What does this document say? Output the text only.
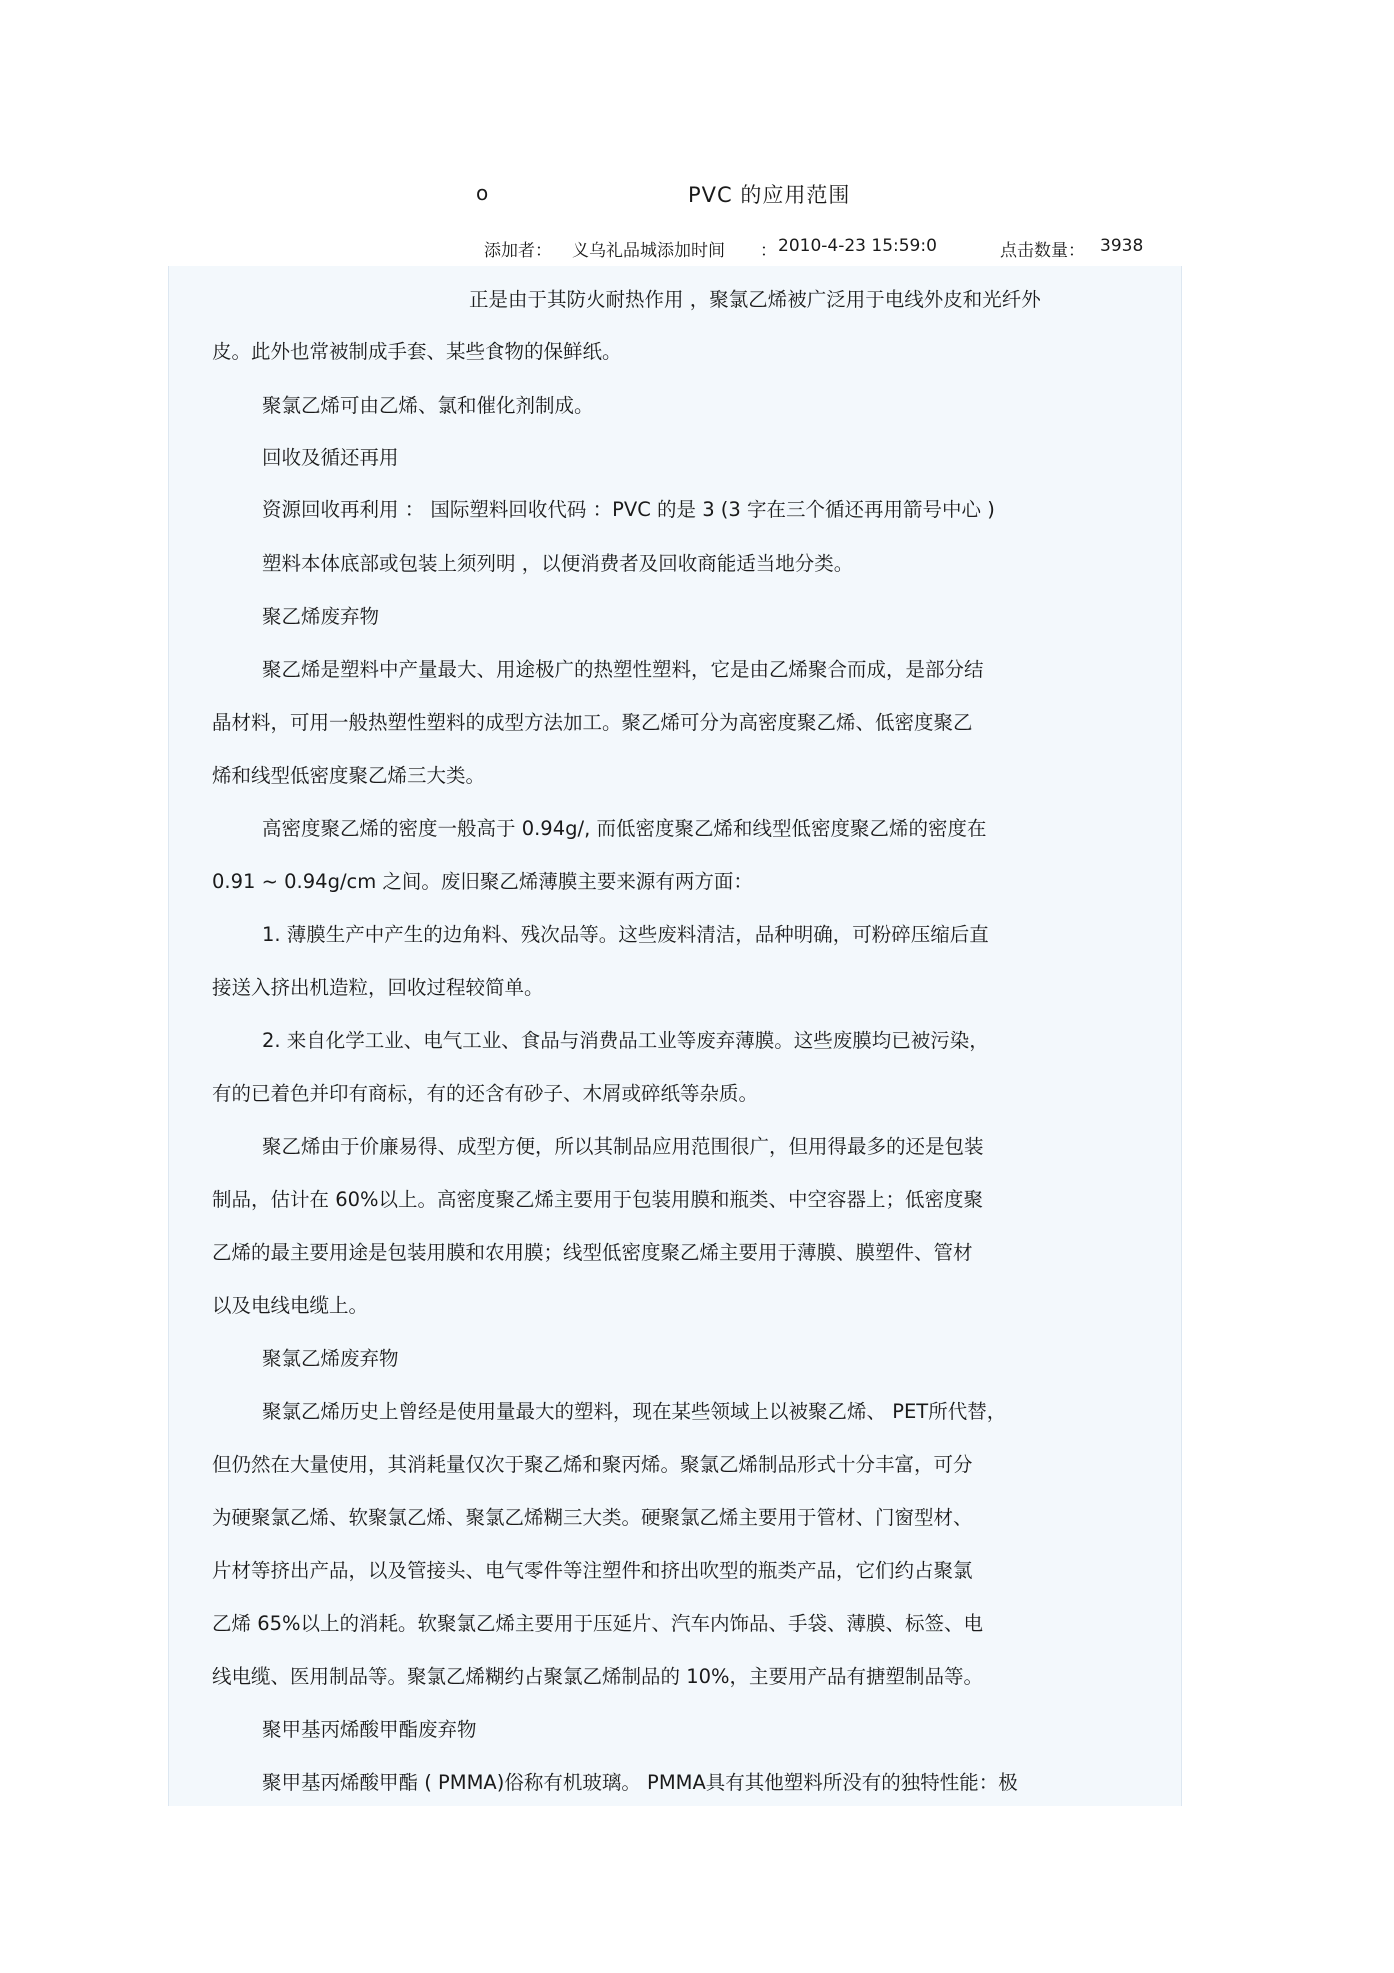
o	PVC 的应用范围
添加者： 义乌礼品城添加时间 ： 2010-4-23 15:59:0	点击数量： 3938
正是由于其防火耐热作用 ，聚氯乙烯被广泛用于电线外皮和光纤外
皮。此外也常被制成手套、某些食物的保鲜纸。
聚氯乙烯可由乙烯、氯和催化剂制成。
回收及循还再用
资源回收再利用 ： 国际塑料回收代码 ：PVC 的是 3 (3 字在三个循还再用箭号中心 )
塑料本体底部或包装上须列明 ，以便消费者及回收商能适当地分类。
聚乙烯废弃物
聚乙烯是塑料中产量最大、用途极广的热塑性塑料，它是由乙烯聚合而成，是部分结
晶材料，可用一般热塑性塑料的成型方法加工。聚乙烯可分为高密度聚乙烯、低密度聚乙
烯和线型低密度聚乙烯三大类。
高密度聚乙烯的密度一般高于 0.94g/, 而低密度聚乙烯和线型低密度聚乙烯的密度在
0.91 ~ 0.94g/cm 之间。废旧聚乙烯薄膜主要来源有两方面：
1. 薄膜生产中产生的边角料、残次品等。这些废料清洁，品种明确，可粉碎压缩后直
接送入挤出机造粒，回收过程较简单。
2. 来自化学工业、电气工业、食品与消费品工业等废弃薄膜。这些废膜均已被污染，
有的已着色并印有商标，有的还含有砂子、木屑或碎纸等杂质。
聚乙烯由于价廉易得、成型方便，所以其制品应用范围很广，但用得最多的还是包装
制品，估计在 60%以上。高密度聚乙烯主要用于包装用膜和瓶类、中空容器上；低密度聚
乙烯的最主要用途是包装用膜和农用膜；线型低密度聚乙烯主要用于薄膜、膜塑件、管材
以及电线电缆上。
聚氯乙烯废弃物
聚氯乙烯历史上曾经是使用量最大的塑料，现在某些领域上以被聚乙烯、 PET所代替，
但仍然在大量使用，其消耗量仅次于聚乙烯和聚丙烯。聚氯乙烯制品形式十分丰富，可分
为硬聚氯乙烯、软聚氯乙烯、聚氯乙烯糊三大类。硬聚氯乙烯主要用于管材、门窗型材、
片材等挤出产品，以及管接头、电气零件等注塑件和挤出吹型的瓶类产品，它们约占聚氯
乙烯 65%以上的消耗。软聚氯乙烯主要用于压延片、汽车内饰品、手袋、薄膜、标签、电
线电缆、医用制品等。聚氯乙烯糊约占聚氯乙烯制品的 10%，主要用产品有搪塑制品等。
聚甲基丙烯酸甲酯废弃物
聚甲基丙烯酸甲酯 ( PMMA)俗称有机玻璃。 PMMA具有其他塑料所没有的独特性能：极
